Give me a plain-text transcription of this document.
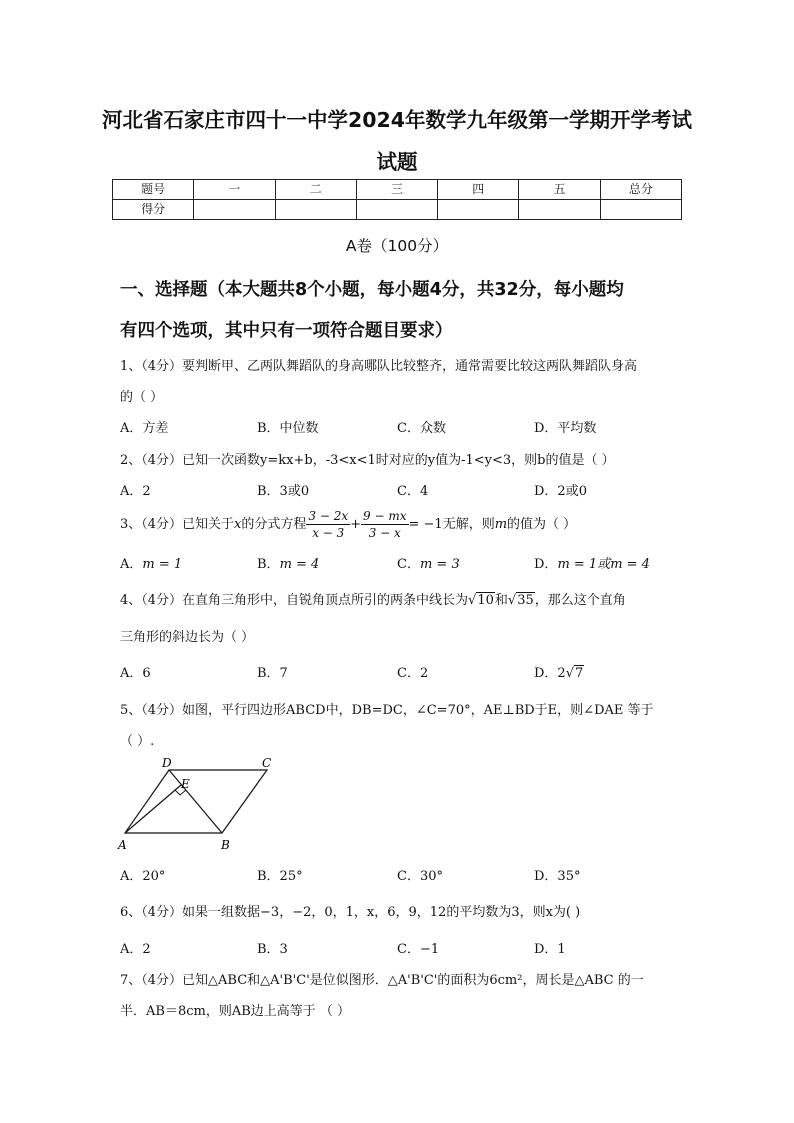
河北省石家庄市四十一中学2024年数学九年级第一学期开学考试
试题
题号	一	二	三	四	五	总分
得分						
A卷（100分）
一、选择题（本大题共8个小题，每小题4分，共32分，每小题均
有四个选项，其中只有一项符合题目要求）
1、（4分）要判断甲、乙两队舞蹈队的身高哪队比较整齐，通常需要比较这两队舞蹈队身高
的（ ）
A．方差	B．中位数	C．众数	D．平均数
2、（4分）已知一次函数y=kx+b，-3<x<1时对应的y值为-1<y<3，则b的值是（ ）
A．2	B．3或0	C．4	D．2或0
3、（4分）已知关于x的分式方程 $\frac{3 - 2x}{x - 3} + \frac{9 - mx}{3 - x} = -1$无解，则m的值为（ ）
A．m = 1	B．m = 4	C．m = 3	D．m = 1或m = 4
4、（4分）在直角三角形中，自锐角顶点所引的两条中线长为√10和√35，那么这个直角
三角形的斜边长为（ ）
A．6	B．7	C．2	D．2√7
5、（4分）如图，平行四边形ABCD中，DB=DC，∠C=70°，AE⊥BD于E，则∠DAE 等于
（ ）.
A	B
C
D
E
A．20°	B．25°	C．30°	D．35°
6、（4分）如果一组数据−3，−2，0，1，x，6，9，12的平均数为3，则x为( )
A．2	B．3	C．−1	D．1
7、（4分）已知△ABC和△A'B'C'是位似图形．△A'B'C'的面积为6cm²，周长是△ABC 的一
半．AB＝8cm，则AB边上高等于 （ ）
